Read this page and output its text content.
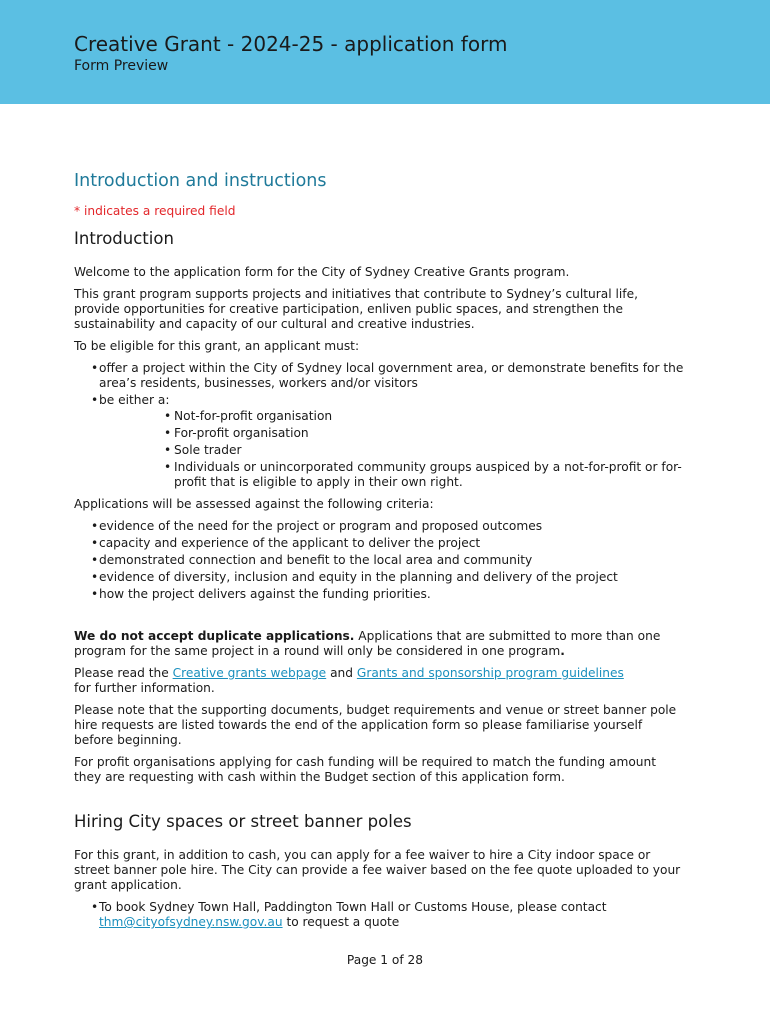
Creative Grant - 2024-25 - application form
Form Preview
Introduction and instructions
* indicates a required field
Introduction

Welcome to the application form for the City of Sydney Creative Grants program.

This grant program supports projects and initiatives that contribute to Sydney’s cultural life, provide opportunities for creative participation, enliven public spaces, and strengthen the sustainability and capacity of our cultural and creative industries.

To be eligible for this grant, an applicant must:

• offer a project within the City of Sydney local government area, or demonstrate benefits for the area’s residents, businesses, workers and/or visitors
• be either a:
• Not-for-profit organisation
• For-profit organisation
• Sole trader
• Individuals or unincorporated community groups auspiced by a not-for-profit or for-profit that is eligible to apply in their own right.

Applications will be assessed against the following criteria:

• evidence of the need for the project or program and proposed outcomes
• capacity and experience of the applicant to deliver the project
• demonstrated connection and benefit to the local area and community
• evidence of diversity, inclusion and equity in the planning and delivery of the project
• how the project delivers against the funding priorities.

We do not accept duplicate applications. Applications that are submitted to more than one program for the same project in a round will only be considered in one program.

Please read the Creative grants webpage and Grants and sponsorship program guidelines
for further information.

Please note that the supporting documents, budget requirements and venue or street banner pole hire requests are listed towards the end of the application form so please familiarise yourself before beginning.

For profit organisations applying for cash funding will be required to match the funding amount they are requesting with cash within the Budget section of this application form.

Hiring City spaces or street banner poles

For this grant, in addition to cash, you can apply for a fee waiver to hire a City indoor space or street banner pole hire. The City can provide a fee waiver based on the fee quote uploaded to your grant application.

• To book Sydney Town Hall, Paddington Town Hall or Customs House, please contact thm@cityofsydney.nsw.gov.au to request a quote
Page 1 of 28
